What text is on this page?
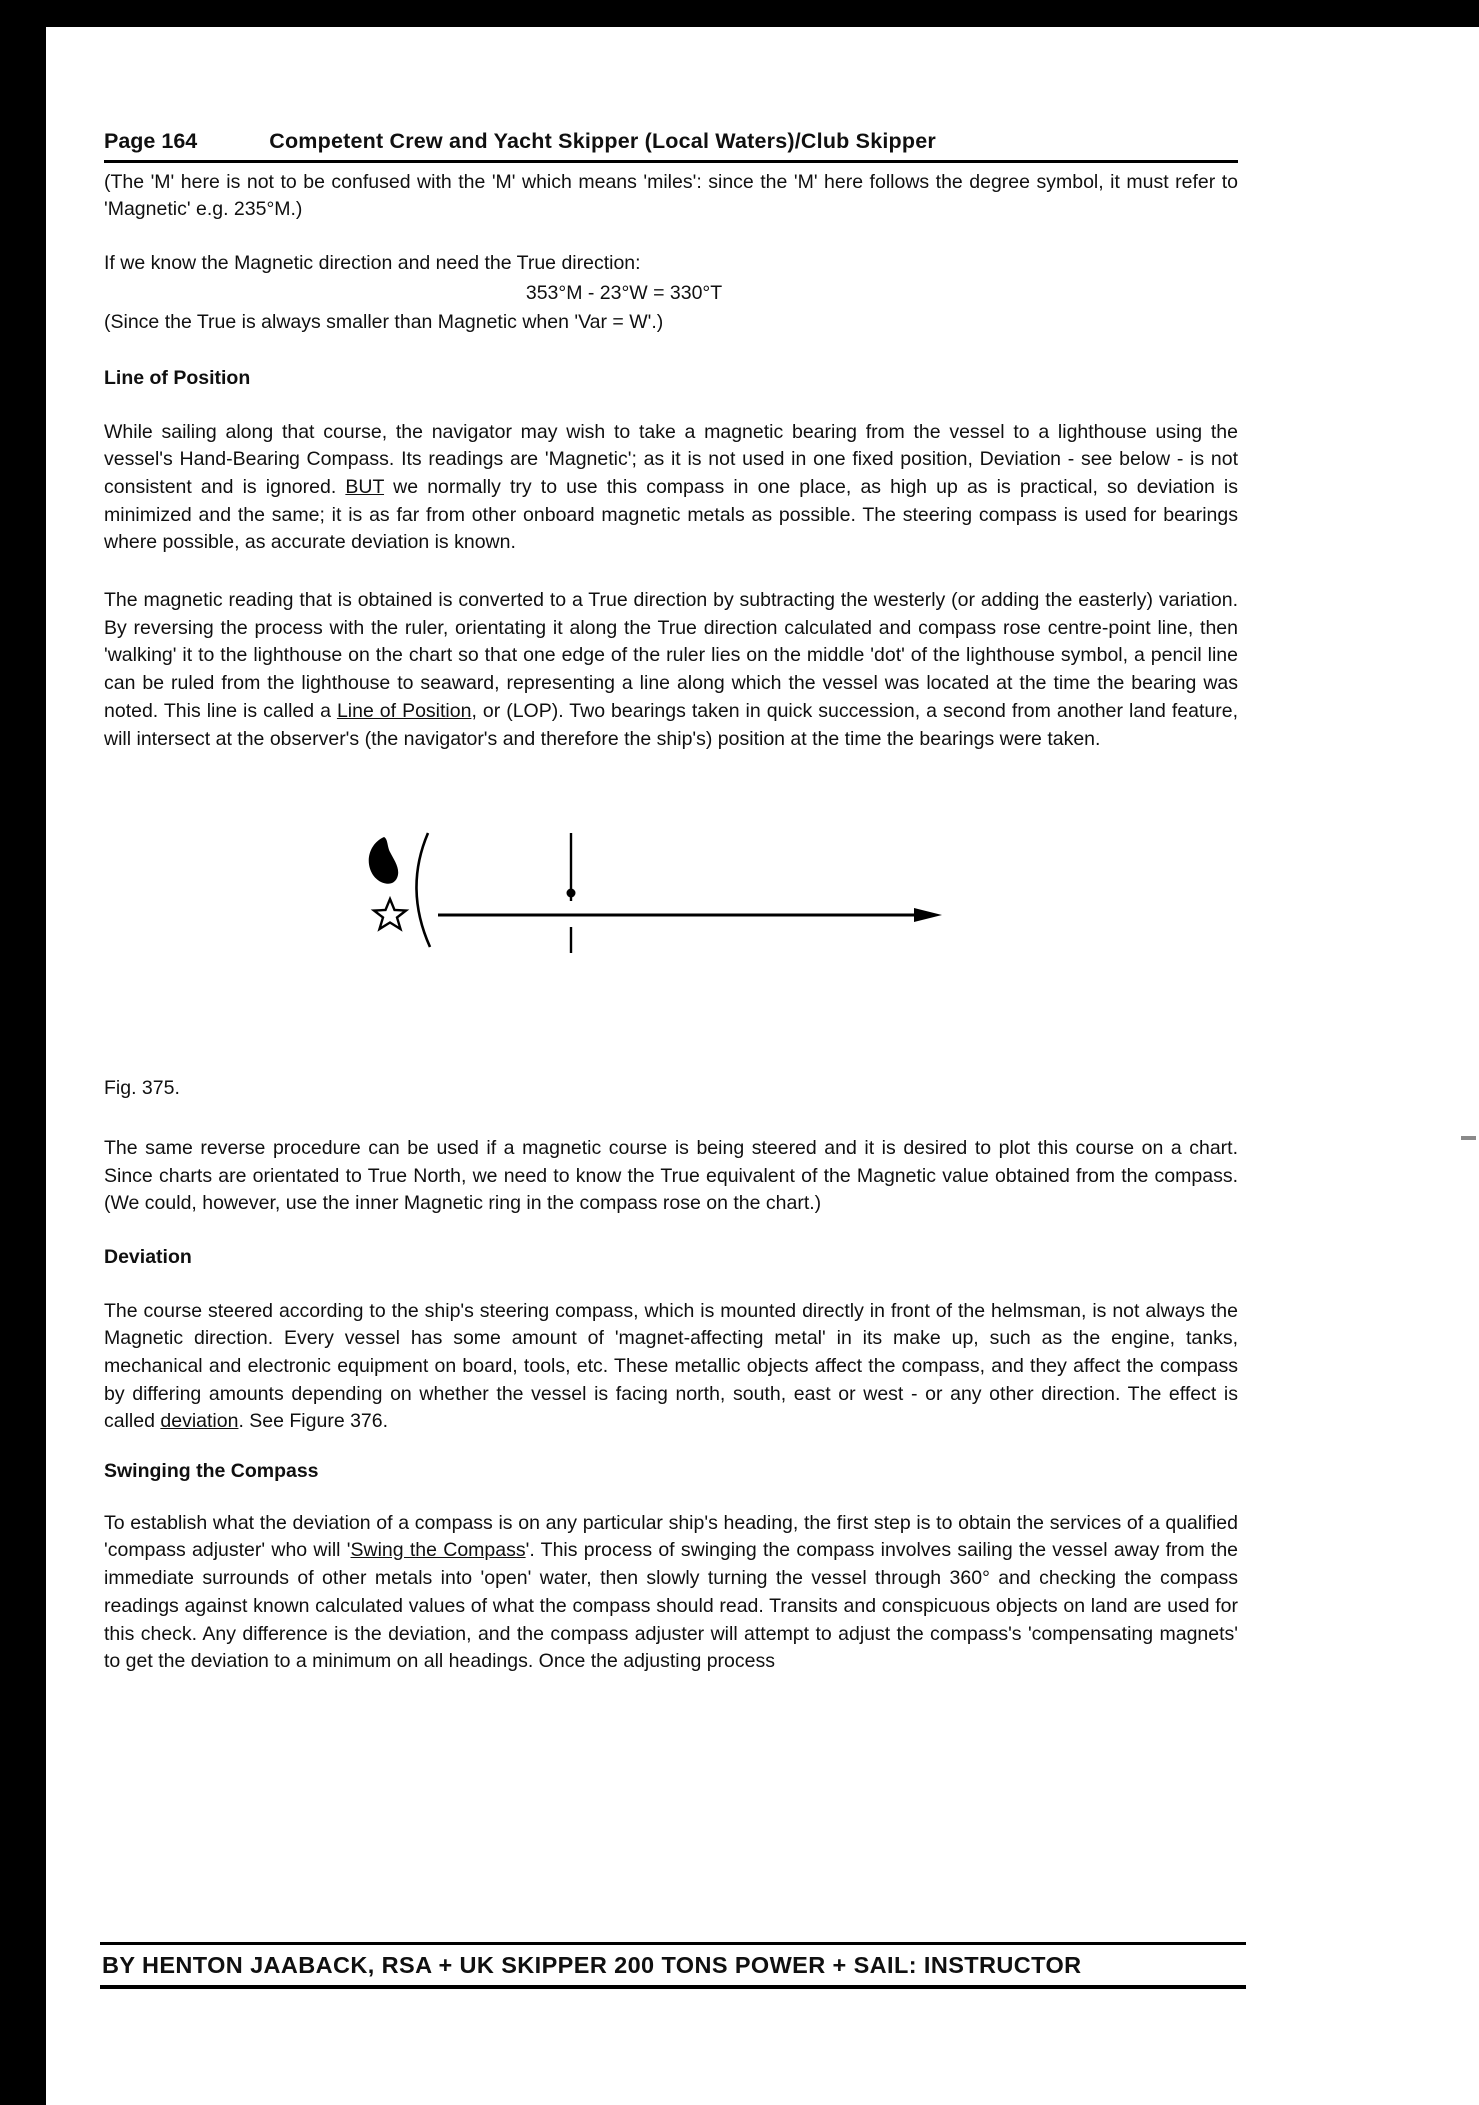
Page 164	Competent Crew and Yacht Skipper (Local Waters)/Club Skipper

(The 'M' here is not to be confused with the 'M' which means 'miles': since the 'M' here follows the degree symbol, it must refer to 'Magnetic' e.g. 235°M.)

If we know the Magnetic direction and need the True direction:

353°M - 23°W = 330°T

(Since the True is always smaller than Magnetic when 'Var = W'.)

Line of Position

While sailing along that course, the navigator may wish to take a magnetic bearing from the vessel to a lighthouse using the vessel's Hand-Bearing Compass. Its readings are 'Magnetic'; as it is not used in one fixed position, Deviation - see below - is not consistent and is ignored. BUT we normally try to use this compass in one place, as high up as is practical, so deviation is minimized and the same; it is as far from other onboard magnetic metals as possible. The steering compass is used for bearings where possible, as accurate deviation is known.

The magnetic reading that is obtained is converted to a True direction by subtracting the westerly (or adding the easterly) variation. By reversing the process with the ruler, orientating it along the True direction calculated and compass rose centre-point line, then 'walking' it to the lighthouse on the chart so that one edge of the ruler lies on the middle 'dot' of the lighthouse symbol, a pencil line can be ruled from the lighthouse to seaward, representing a line along which the vessel was located at the time the bearing was noted. This line is called a Line of Position, or (LOP). Two bearings taken in quick succession, a second from another land feature, will intersect at the observer's (the navigator's and therefore the ship's) position at the time the bearings were taken.

Fig. 375.

The same reverse procedure can be used if a magnetic course is being steered and it is desired to plot this course on a chart. Since charts are orientated to True North, we need to know the True equivalent of the Magnetic value obtained from the compass. (We could, however, use the inner Magnetic ring in the compass rose on the chart.)

Deviation

The course steered according to the ship's steering compass, which is mounted directly in front of the helmsman, is not always the Magnetic direction. Every vessel has some amount of 'magnet-affecting metal' in its make up, such as the engine, tanks, mechanical and electronic equipment on board, tools, etc. These metallic objects affect the compass, and they affect the compass by differing amounts depending on whether the vessel is facing north, south, east or west - or any other direction. The effect is called deviation. See Figure 376.

Swinging the Compass

To establish what the deviation of a compass is on any particular ship's heading, the first step is to obtain the services of a qualified 'compass adjuster' who will 'Swing the Compass'. This process of swinging the compass involves sailing the vessel away from the immediate surrounds of other metals into 'open' water, then slowly turning the vessel through 360° and checking the compass readings against known calculated values of what the compass should read. Transits and conspicuous objects on land are used for this check. Any difference is the deviation, and the compass adjuster will attempt to adjust the compass's 'compensating magnets' to get the deviation to a minimum on all headings. Once the adjusting process

BY HENTON JAABACK, RSA + UK SKIPPER 200 TONS POWER + SAIL: INSTRUCTOR
